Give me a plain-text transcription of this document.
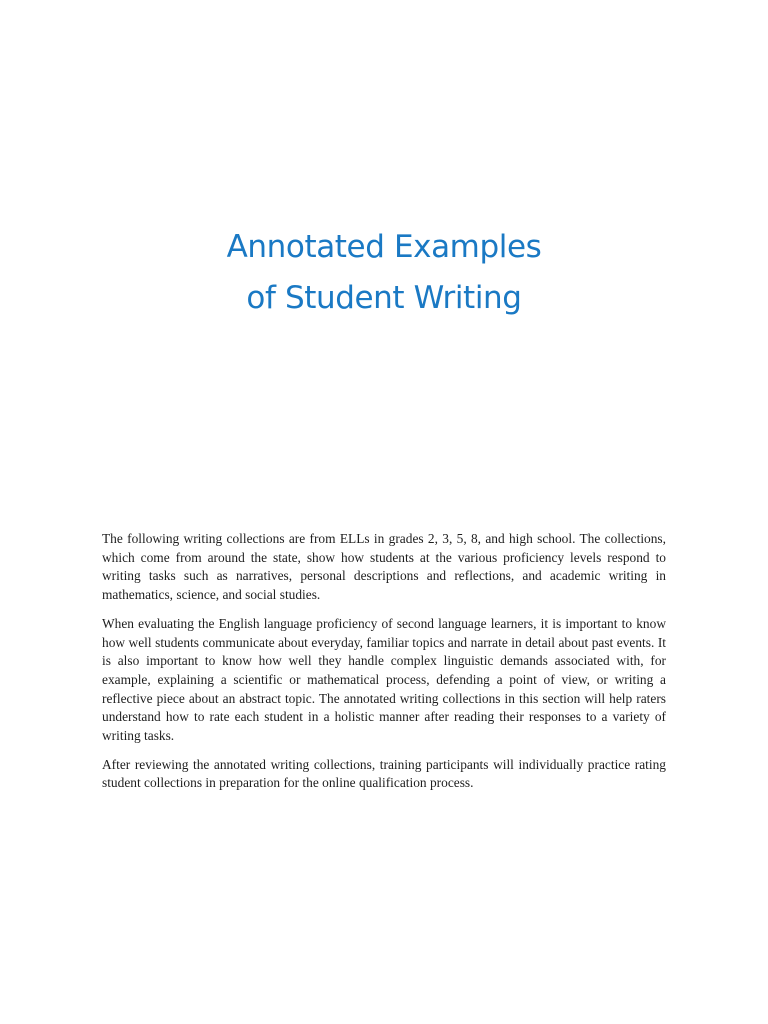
Annotated Examples
of Student Writing

The following writing collections are from ELLs in grades 2, 3, 5, 8, and high school. The collections, which come from around the state, show how students at the various proficiency levels respond to writing tasks such as narratives, personal descriptions and reflections, and academic writing in mathematics, science, and social studies.

When evaluating the English language proficiency of second language learners, it is important to know how well students communicate about everyday, familiar topics and narrate in detail about past events. It is also important to know how well they handle complex linguistic demands associated with, for example, explaining a scientific or mathematical process, defending a point of view, or writing a reflective piece about an abstract topic. The annotated writing collections in this section will help raters understand how to rate each student in a holistic manner after reading their responses to a variety of writing tasks.

After reviewing the annotated writing collections, training participants will individually practice rating student collections in preparation for the online qualification process.
